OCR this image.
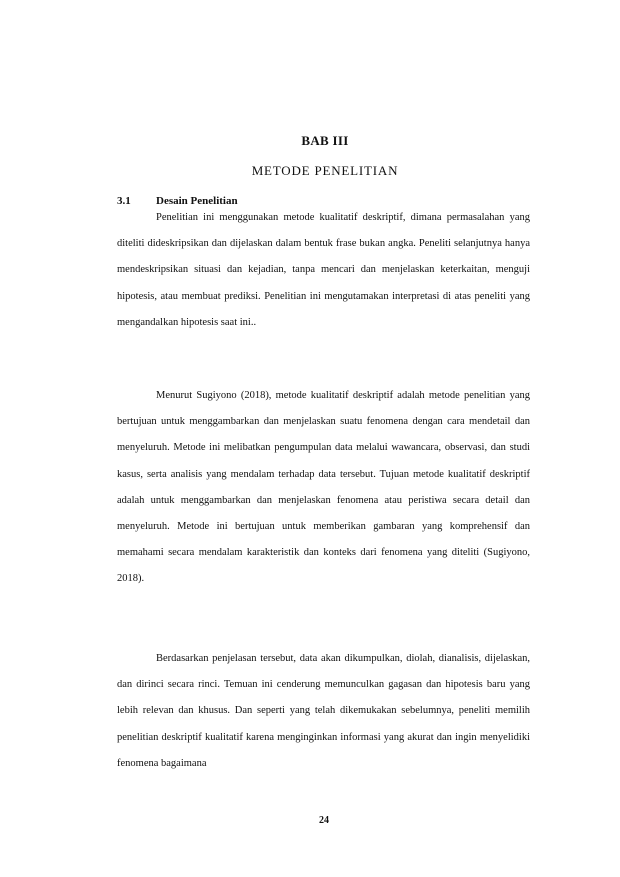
BAB III
METODE PENELITIAN
3.1 Desain Penelitian

Penelitian ini menggunakan metode kualitatif deskriptif, dimana permasalahan yang diteliti dideskripsikan dan dijelaskan dalam bentuk frase bukan angka. Peneliti selanjutnya hanya mendeskripsikan situasi dan kejadian, tanpa mencari dan menjelaskan keterkaitan, menguji hipotesis, atau membuat prediksi. Penelitian ini mengutamakan interpretasi di atas peneliti yang mengandalkan hipotesis saat ini..

Menurut Sugiyono (2018), metode kualitatif deskriptif adalah metode penelitian yang bertujuan untuk menggambarkan dan menjelaskan suatu fenomena dengan cara mendetail dan menyeluruh. Metode ini melibatkan pengumpulan data melalui wawancara, observasi, dan studi kasus, serta analisis yang mendalam terhadap data tersebut. Tujuan metode kualitatif deskriptif adalah untuk menggambarkan dan menjelaskan fenomena atau peristiwa secara detail dan menyeluruh. Metode ini bertujuan untuk memberikan gambaran yang komprehensif dan memahami secara mendalam karakteristik dan konteks dari fenomena yang diteliti (Sugiyono, 2018).

Berdasarkan penjelasan tersebut, data akan dikumpulkan, diolah, dianalisis, dijelaskan, dan dirinci secara rinci. Temuan ini cenderung memunculkan gagasan dan hipotesis baru yang lebih relevan dan khusus. Dan seperti yang telah dikemukakan sebelumnya, peneliti memilih penelitian deskriptif kualitatif karena menginginkan informasi yang akurat dan ingin menyelidiki fenomena bagaimana

24
